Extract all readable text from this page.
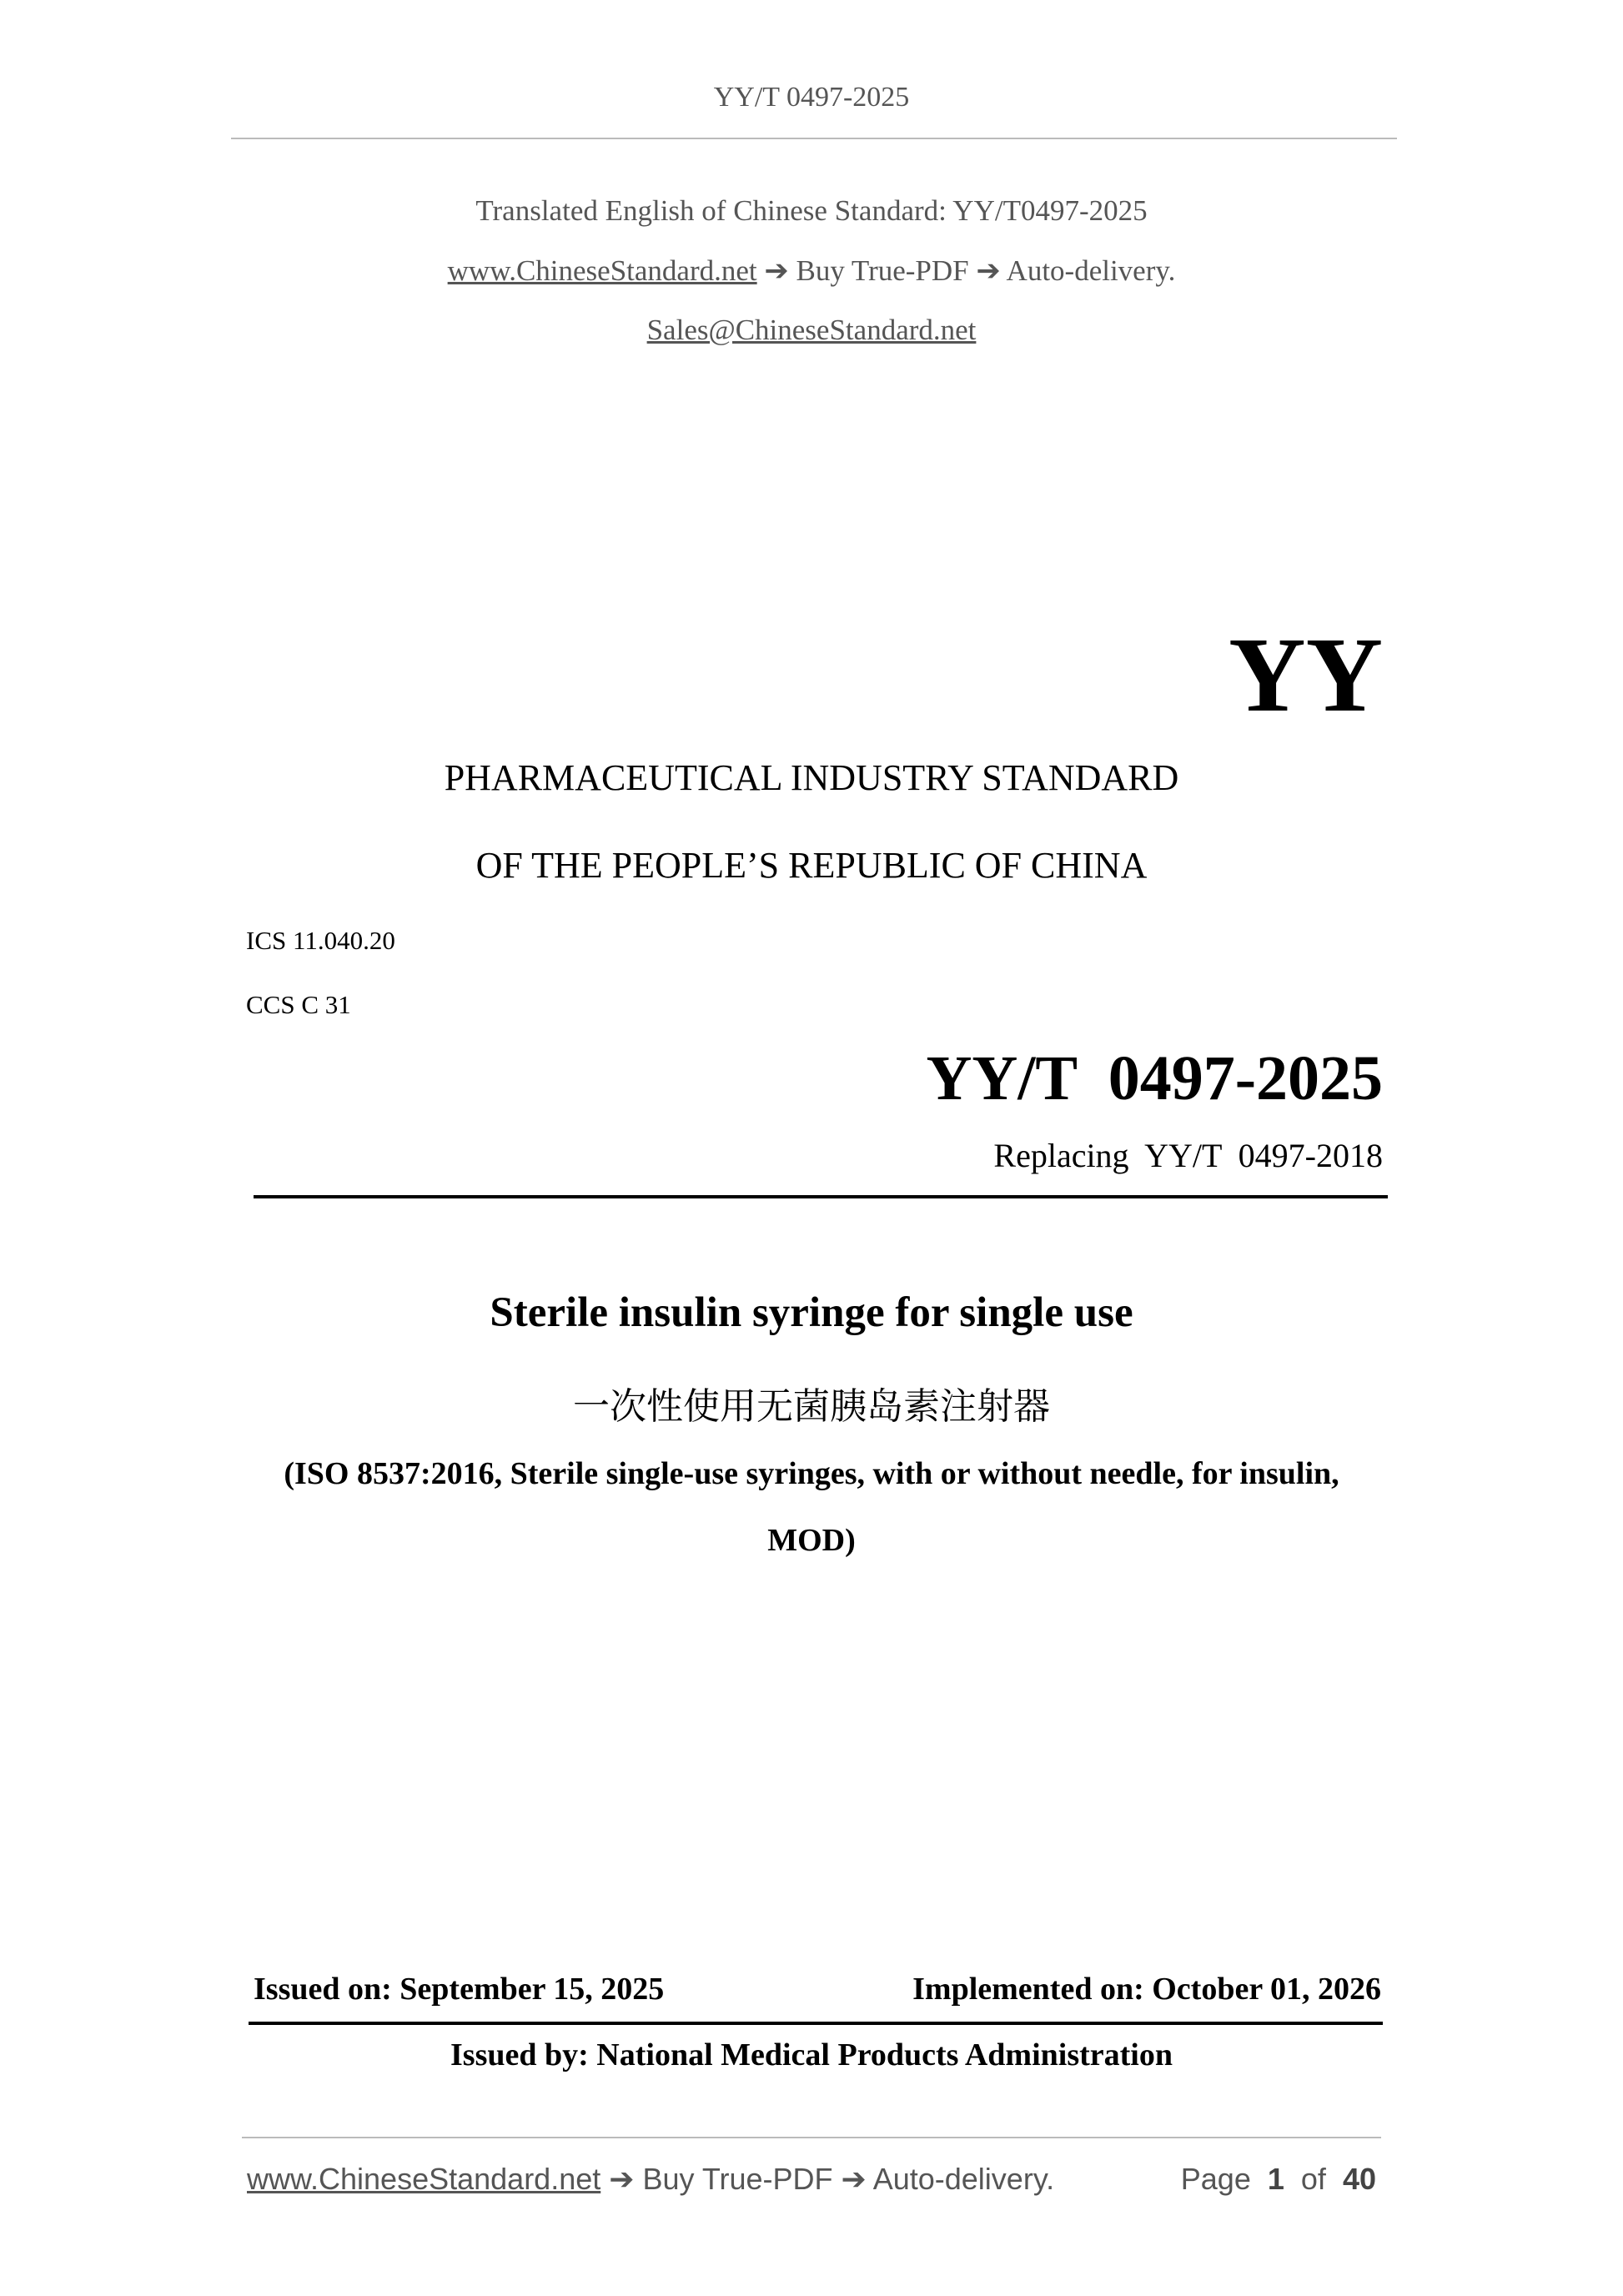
YY/T 0497-2025
Translated English of Chinese Standard: YY/T0497-2025
www.ChineseStandard.net ➔ Buy True-PDF ➔ Auto-delivery.
Sales@ChineseStandard.net
YY
PHARMACEUTICAL INDUSTRY STANDARD
OF THE PEOPLE’S REPUBLIC OF CHINA
ICS 11.040.20
CCS C 31
YY/T  0497-2025
Replacing  YY/T  0497-2018
Sterile insulin syringe for single use
一次性使用无菌胰岛素注射器
(ISO 8537:2016, Sterile single-use syringes, with or without needle, for insulin,
MOD)
Issued on: September 15, 2025	Implemented on: October 01, 2026
Issued by: National Medical Products Administration
www.ChineseStandard.net ➔ Buy True-PDF ➔ Auto-delivery.	Page 1 of 40
